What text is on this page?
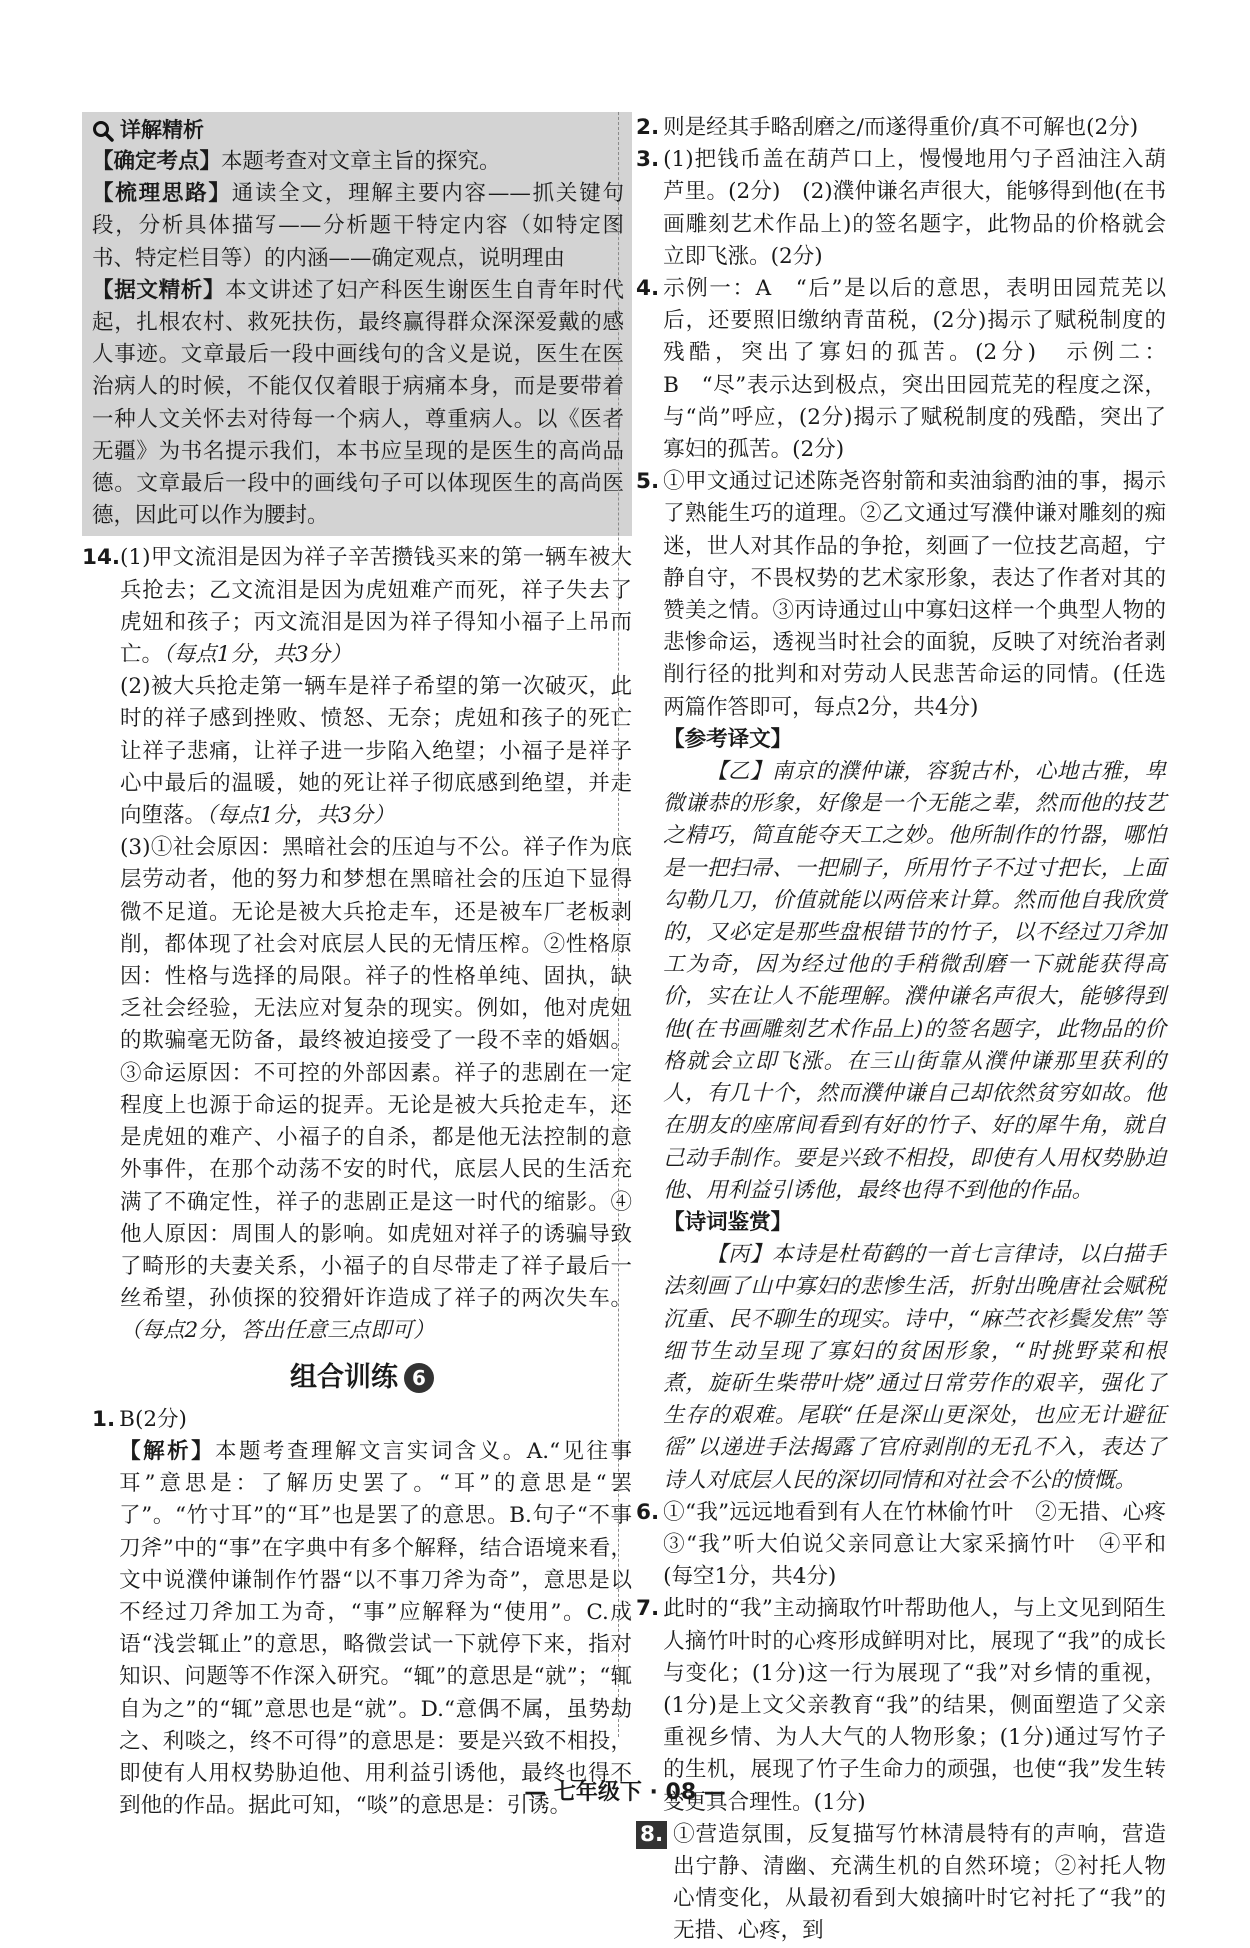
详解精析

【确定考点】本题考查对文章主旨的探究。

【梳理思路】通读全文，理解主要内容——抓关键句段，分析具体描写——分析题干特定内容（如特定图书、特定栏目等）的内涵——确定观点，说明理由

【据文精析】本文讲述了妇产科医生谢医生自青年时代起，扎根农村、救死扶伤，最终赢得群众深深爱戴的感人事迹。文章最后一段中画线句的含义是说，医生在医治病人的时候，不能仅仅着眼于病痛本身，而是要带着一种人文关怀去对待每一个病人，尊重病人。以《医者无疆》为书名提示我们，本书应呈现的是医生的高尚品德。文章最后一段中的画线句子可以体现医生的高尚医德，因此可以作为腰封。

14. (1)甲文流泪是因为祥子辛苦攒钱买来的第一辆车被大兵抢去；乙文流泪是因为虎妞难产而死，祥子失去了虎妞和孩子；丙文流泪是因为祥子得知小福子上吊而亡。（每点1分，共3分）

(2)被大兵抢走第一辆车是祥子希望的第一次破灭，此时的祥子感到挫败、愤怒、无奈；虎妞和孩子的死亡让祥子悲痛，让祥子进一步陷入绝望；小福子是祥子心中最后的温暖，她的死让祥子彻底感到绝望，并走向堕落。（每点1分，共3分）

(3)①社会原因：黑暗社会的压迫与不公。祥子作为底层劳动者，他的努力和梦想在黑暗社会的压迫下显得微不足道。无论是被大兵抢走车，还是被车厂老板剥削，都体现了社会对底层人民的无情压榨。②性格原因：性格与选择的局限。祥子的性格单纯、固执，缺乏社会经验，无法应对复杂的现实。例如，他对虎妞的欺骗毫无防备，最终被迫接受了一段不幸的婚姻。③命运原因：不可控的外部因素。祥子的悲剧在一定程度上也源于命运的捉弄。无论是被大兵抢走车，还是虎妞的难产、小福子的自杀，都是他无法控制的意外事件，在那个动荡不安的时代，底层人民的生活充满了不确定性，祥子的悲剧正是这一时代的缩影。④他人原因：周围人的影响。如虎妞对祥子的诱骗导致了畸形的夫妻关系，小福子的自尽带走了祥子最后一丝希望，孙侦探的狡猾奸诈造成了祥子的两次失车。（每点2分，答出任意三点即可）

组合训练 6
1. B(2分)

【解析】本题考查理解文言实词含义。A.“见往事耳”意思是：了解历史罢了。“耳”的意思是“罢了”。“竹寸耳”的“耳”也是罢了的意思。B.句子“不事刀斧”中的“事”在字典中有多个解释，结合语境来看，文中说濮仲谦制作竹器“以不事刀斧为奇”，意思是以不经过刀斧加工为奇，“事”应解释为“使用”。C.成语“浅尝辄止”的意思，略微尝试一下就停下来，指对知识、问题等不作深入研究。“辄”的意思是“就”；“辄自为之”的“辄”意思也是“就”。D.“意偶不属，虽势劫之、利啖之，终不可得”的意思是：要是兴致不相投，即使有人用权势胁迫他、用利益引诱他，最终也得不到他的作品。据此可知，“啖”的意思是：引诱。

2. 则是经其手略刮磨之/而遂得重价/真不可解也(2分)

3. (1)把钱币盖在葫芦口上，慢慢地用勺子舀油注入葫芦里。(2分)　(2)濮仲谦名声很大，能够得到他(在书画雕刻艺术作品上)的签名题字，此物品的价格就会立即飞涨。(2分)

4. 示例一：A　“后”是以后的意思，表明田园荒芜以后，还要照旧缴纳青苗税，(2分)揭示了赋税制度的残酷，突出了寡妇的孤苦。(2分)　示例二：B　“尽”表示达到极点，突出田园荒芜的程度之深，与“尚”呼应，(2分)揭示了赋税制度的残酷，突出了寡妇的孤苦。(2分)

5. ①甲文通过记述陈尧咨射箭和卖油翁酌油的事，揭示了熟能生巧的道理。②乙文通过写濮仲谦对雕刻的痴迷，世人对其作品的争抢，刻画了一位技艺高超，宁静自守，不畏权势的艺术家形象，表达了作者对其的赞美之情。③丙诗通过山中寡妇这样一个典型人物的悲惨命运，透视当时社会的面貌，反映了对统治者剥削行径的批判和对劳动人民悲苦命运的同情。(任选两篇作答即可，每点2分，共4分)

【参考译文】

【乙】南京的濮仲谦，容貌古朴，心地古雅，卑微谦恭的形象，好像是一个无能之辈，然而他的技艺之精巧，简直能夺天工之妙。他所制作的竹器，哪怕是一把扫帚、一把刷子，所用竹子不过寸把长，上面勾勒几刀，价值就能以两倍来计算。然而他自我欣赏的，又必定是那些盘根错节的竹子，以不经过刀斧加工为奇，因为经过他的手稍微刮磨一下就能获得高价，实在让人不能理解。濮仲谦名声很大，能够得到他(在书画雕刻艺术作品上)的签名题字，此物品的价格就会立即飞涨。在三山街靠从濮仲谦那里获利的人，有几十个，然而濮仲谦自己却依然贫穷如故。他在朋友的座席间看到有好的竹子、好的犀牛角，就自己动手制作。要是兴致不相投，即使有人用权势胁迫他、用利益引诱他，最终也得不到他的作品。

【诗词鉴赏】

【丙】本诗是杜荀鹤的一首七言律诗，以白描手法刻画了山中寡妇的悲惨生活，折射出晚唐社会赋税沉重、民不聊生的现实。诗中，“麻苎衣衫鬓发焦”等细节生动呈现了寡妇的贫困形象，“时挑野菜和根煮，旋斫生柴带叶烧”通过日常劳作的艰辛，强化了生存的艰难。尾联“任是深山更深处，也应无计避征徭”以递进手法揭露了官府剥削的无孔不入，表达了诗人对底层人民的深切同情和对社会不公的愤慨。

6. ①“我”远远地看到有人在竹林偷竹叶　②无措、心疼　③“我”听大伯说父亲同意让大家采摘竹叶　④平和(每空1分，共4分)

7. 此时的“我”主动摘取竹叶帮助他人，与上文见到陌生人摘竹叶时的心疼形成鲜明对比，展现了“我”的成长与变化；(1分)这一行为展现了“我”对乡情的重视，(1分)是上文父亲教育“我”的结果，侧面塑造了父亲重视乡情、为人大气的人物形象；(1分)通过写竹子的生机，展现了竹子生命力的顽强，也使“我”发生转变更具合理性。(1分)

8. ①营造氛围，反复描写竹林清晨特有的声响，营造出宁静、清幽、充满生机的自然环境；②衬托人物心情变化，从最初看到大娘摘叶时它衬托了“我”的无措、心疼，到

— 七年级下 · 08 —
